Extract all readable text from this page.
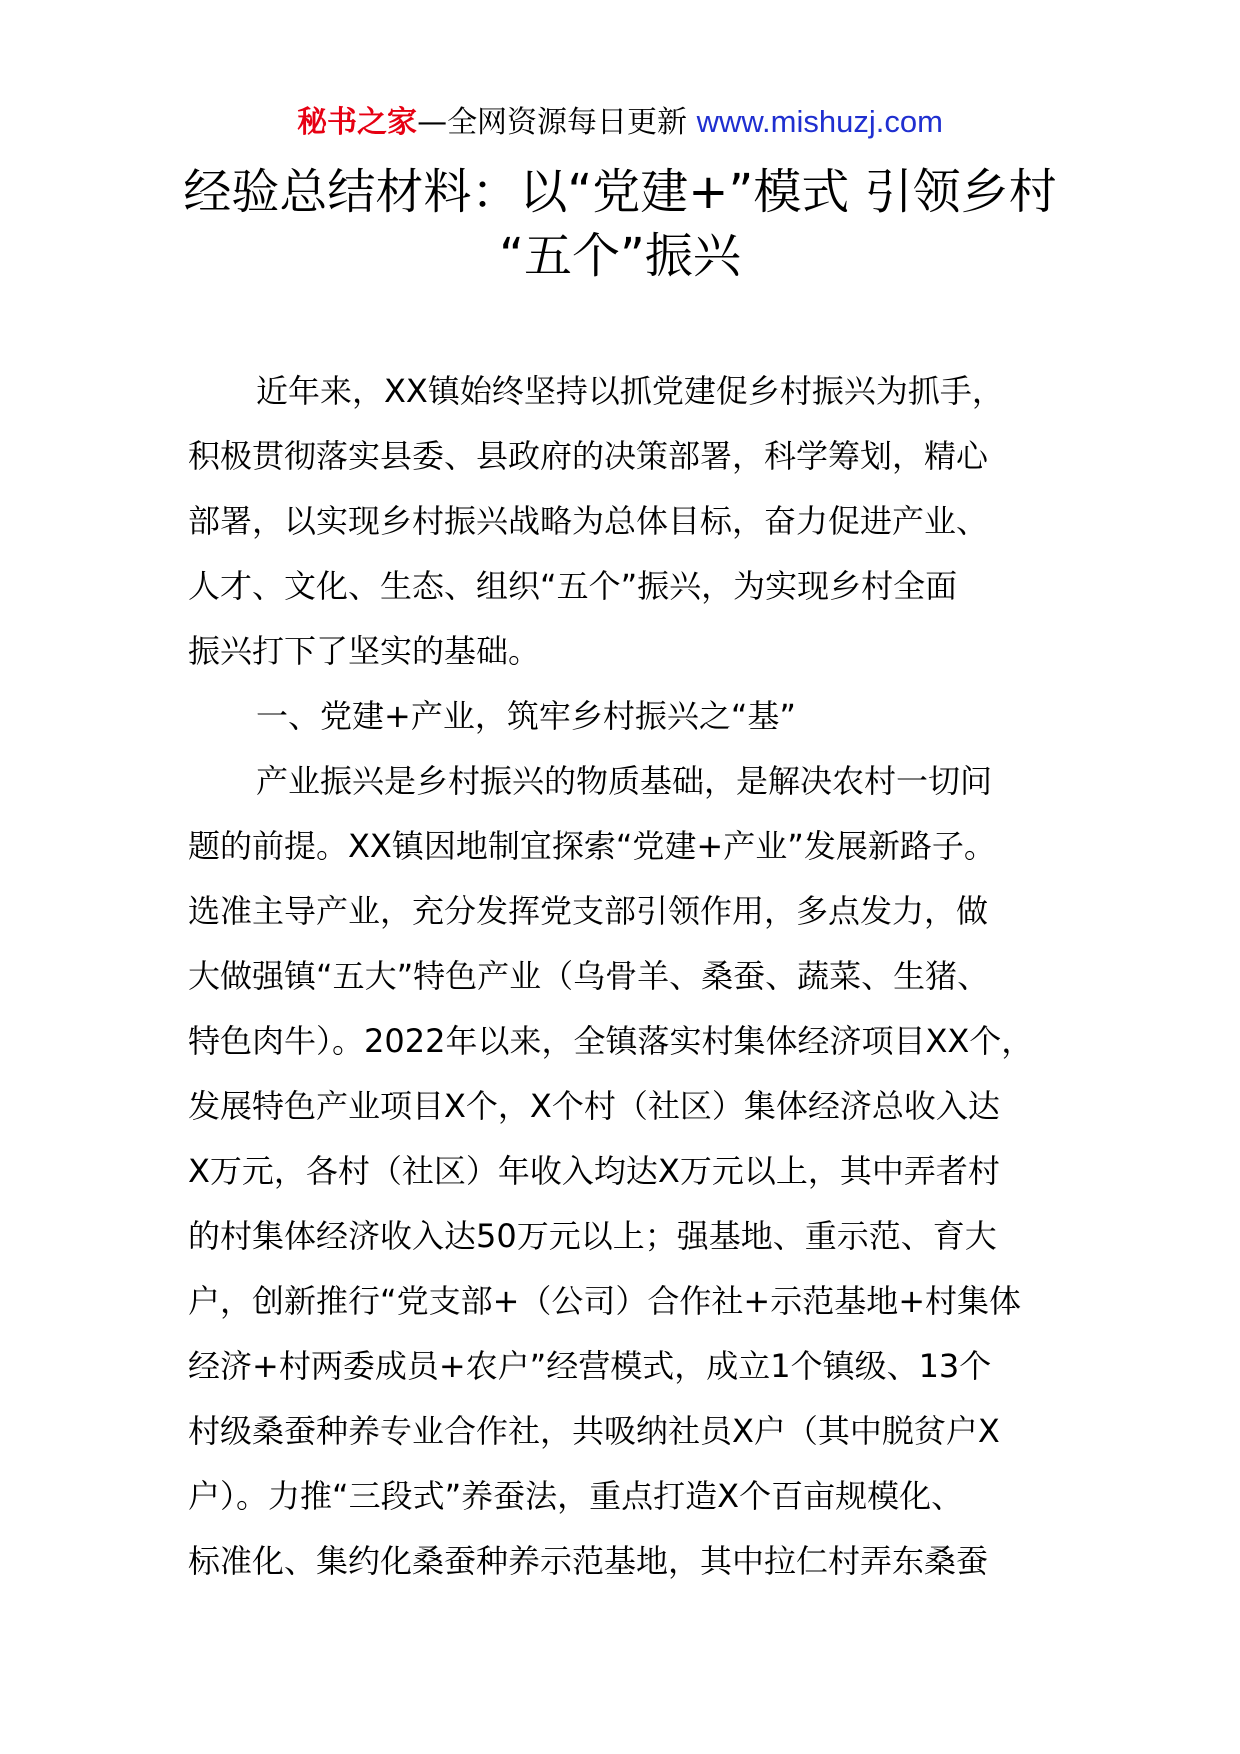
秘书之家—全网资源每日更新 www.mishuzj.com
经验总结材料：以“党建+”模式 引领乡村
“五个”振兴
近年来，XX镇始终坚持以抓党建促乡村振兴为抓手，
积极贯彻落实县委、县政府的决策部署，科学筹划，精心
部署，以实现乡村振兴战略为总体目标，奋力促进产业、
人才、文化、生态、组织“五个”振兴，为实现乡村全面
振兴打下了坚实的基础。
一、党建+产业，筑牢乡村振兴之“基”
产业振兴是乡村振兴的物质基础，是解决农村一切问
题的前提。XX镇因地制宜探索“党建+产业”发展新路子。
选准主导产业，充分发挥党支部引领作用，多点发力，做
大做强镇“五大”特色产业（乌骨羊、桑蚕、蔬菜、生猪、
特色肉牛）。2022年以来，全镇落实村集体经济项目XX个，
发展特色产业项目X个，X个村（社区）集体经济总收入达
X万元，各村（社区）年收入均达X万元以上，其中弄者村
的村集体经济收入达50万元以上；强基地、重示范、育大
户，创新推行“党支部+（公司）合作社+示范基地+村集体
经济+村两委成员+农户”经营模式，成立1个镇级、13个
村级桑蚕种养专业合作社，共吸纳社员X户（其中脱贫户X
户）。力推“三段式”养蚕法，重点打造X个百亩规模化、
标准化、集约化桑蚕种养示范基地，其中拉仁村弄东桑蚕
